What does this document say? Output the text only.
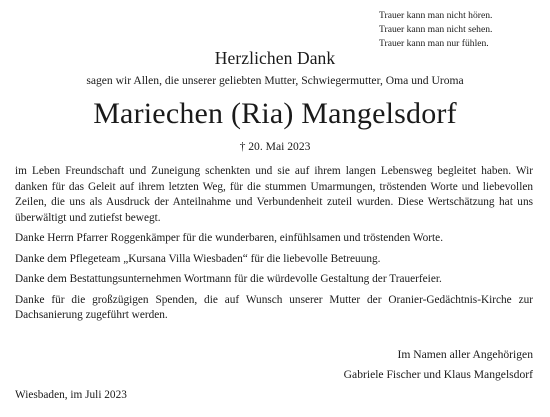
Trauer kann man nicht hören.
Trauer kann man nicht sehen.
Trauer kann man nur fühlen.
Herzlichen Dank
sagen wir Allen, die unserer geliebten Mutter, Schwiegermutter, Oma und Uroma
Mariechen (Ria) Mangelsdorf
† 20. Mai 2023

im Leben Freundschaft und Zuneigung schenkten und sie auf ihrem langen Lebensweg begleitet haben. Wir danken für das Geleit auf ihrem letzten Weg, für die stummen Umarmungen, tröstenden Worte und liebevollen Zeilen, die uns als Ausdruck der Anteilnahme und Verbundenheit zuteil wurden. Diese Wertschätzung hat uns überwältigt und zutiefst bewegt.

Danke Herrn Pfarrer Roggenkämper für die wunderbaren, einfühlsamen und tröstenden Worte.

Danke dem Pflegeteam „Kursana Villa Wiesbaden“ für die liebevolle Betreuung.

Danke dem Bestattungsunternehmen Wortmann für die würdevolle Gestaltung der Trauerfeier.

Danke für die großzügigen Spenden, die auf Wunsch unserer Mutter der Oranier-Gedächtnis-Kirche zur Dachsanierung zugeführt werden.

Im Namen aller Angehörigen
Gabriele Fischer und Klaus Mangelsdorf
Wiesbaden, im Juli 2023
